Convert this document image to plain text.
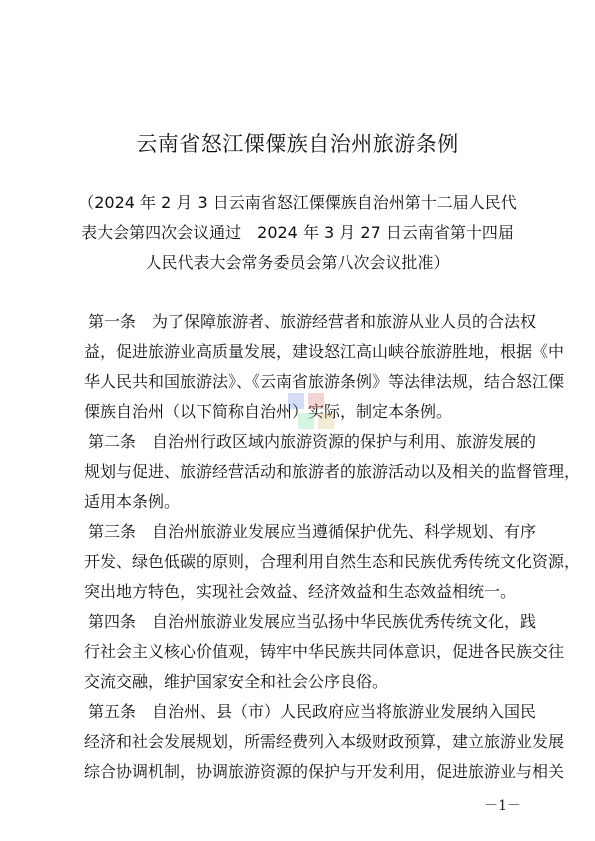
云南省怒江傈僳族自治州旅游条例
（2024 年 2 月 3 日云南省怒江傈僳族自治州第十二届人民代
表大会第四次会议通过　2024 年 3 月 27 日云南省第十四届
人民代表大会常务委员会第八次会议批准）
第一条　为了保障旅游者、旅游经营者和旅游从业人员的合法权
益，促进旅游业高质量发展，建设怒江高山峡谷旅游胜地，根据《中
华人民共和国旅游法》、《云南省旅游条例》等法律法规，结合怒江傈
傈族自治州（以下简称自治州）实际，制定本条例。
第二条　自治州行政区域内旅游资源的保护与利用、旅游发展的
规划与促进、旅游经营活动和旅游者的旅游活动以及相关的监督管理，
适用本条例。
第三条　自治州旅游业发展应当遵循保护优先、科学规划、有序
开发、绿色低碳的原则，合理利用自然生态和民族优秀传统文化资源，
突出地方特色，实现社会效益、经济效益和生态效益相统一。
第四条　自治州旅游业发展应当弘扬中华民族优秀传统文化，践
行社会主义核心价值观，铸牢中华民族共同体意识，促进各民族交往
交流交融，维护国家安全和社会公序良俗。
第五条　自治州、县（市）人民政府应当将旅游业发展纳入国民
经济和社会发展规划，所需经费列入本级财政预算，建立旅游业发展
综合协调机制，协调旅游资源的保护与开发利用，促进旅游业与相关
－1－
